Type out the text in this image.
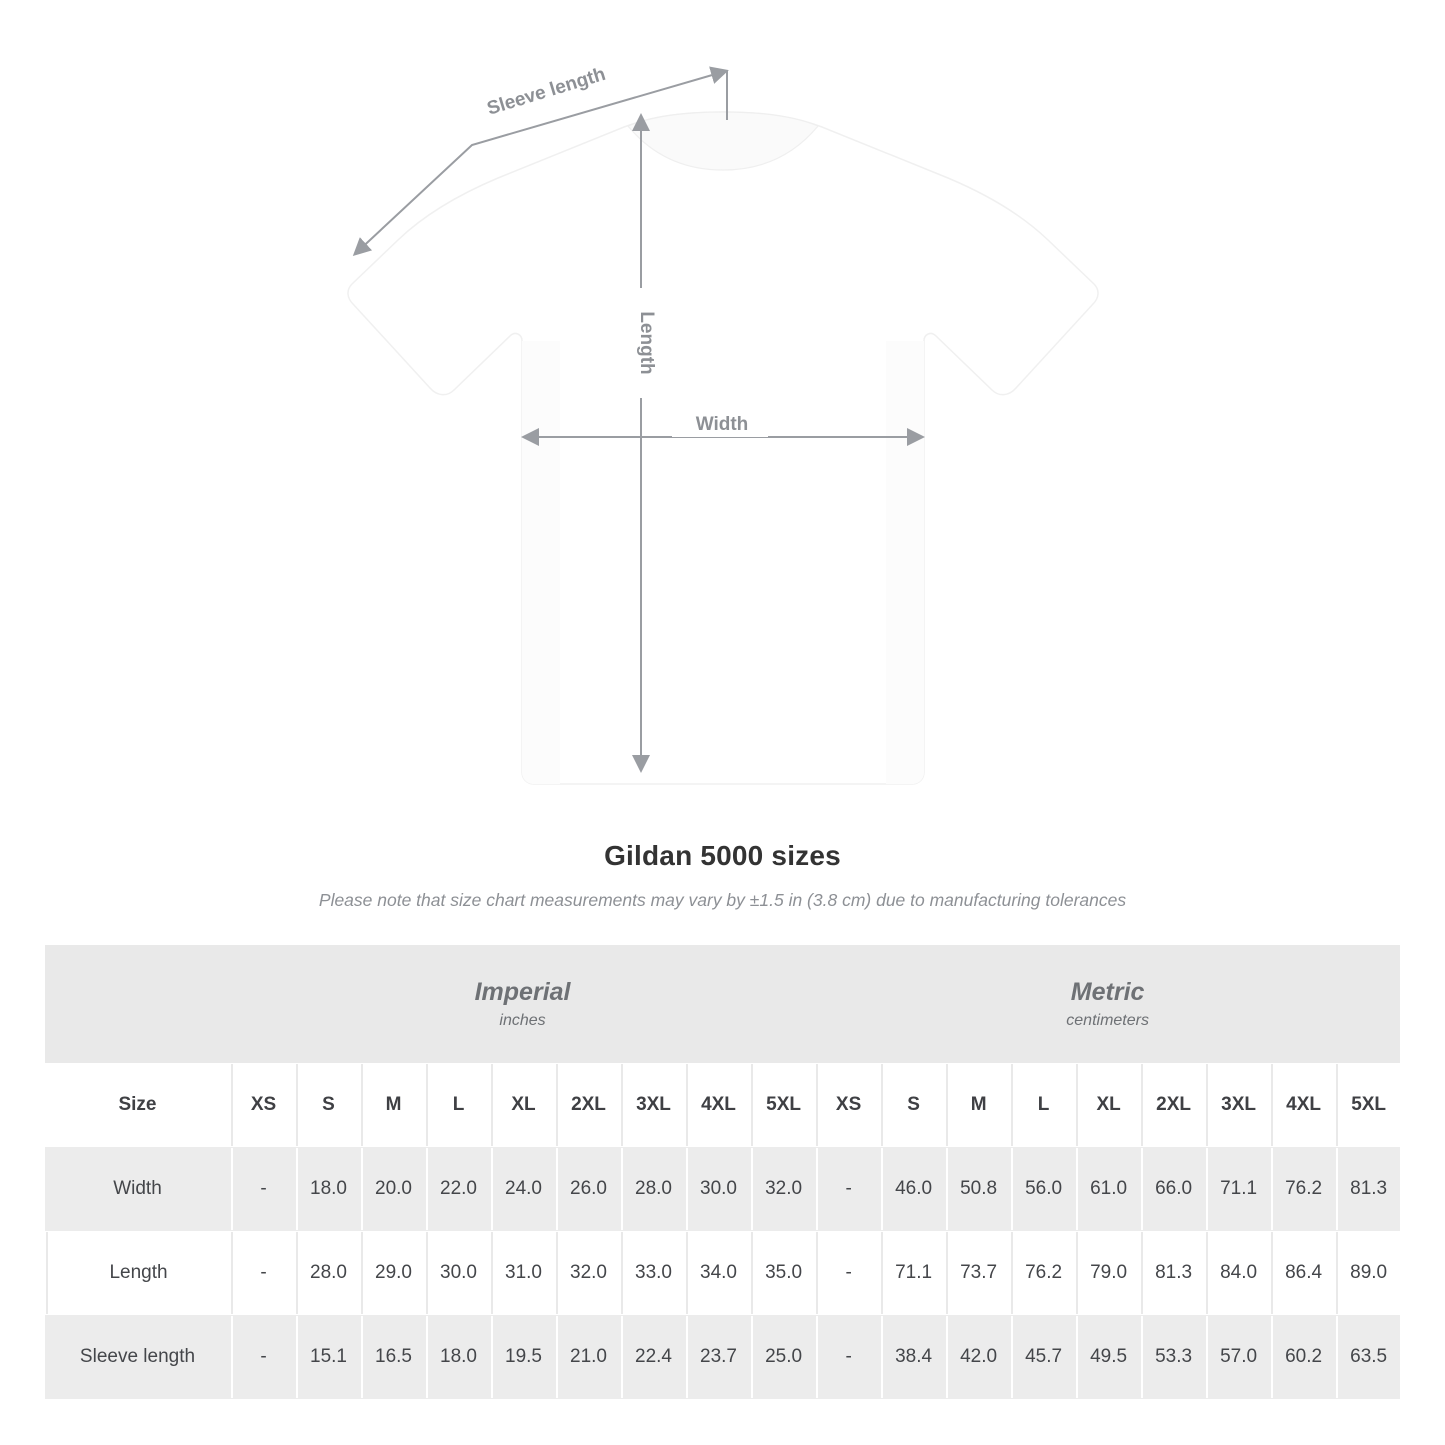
Sleeve length
Length
Width
Gildan 5000 sizes
Please note that size chart measurements may vary by ±1.5 in (3.8 cm) due to manufacturing tolerances

Imperial
inches

Metric
centimeters

Size	XS	S	M	L	XL	2XL	3XL	4XL	5XL	XS	S	M	L	XL	2XL	3XL	4XL	5XL

Width	-	18.0	20.0	22.0	24.0	26.0	28.0	30.0	32.0	-	46.0	50.8	56.0	61.0	66.0	71.1	76.2	81.3

Length	-	28.0	29.0	30.0	31.0	32.0	33.0	34.0	35.0	-	71.1	73.7	76.2	79.0	81.3	84.0	86.4	89.0

Sleeve length	-	15.1	16.5	18.0	19.5	21.0	22.4	23.7	25.0	-	38.4	42.0	45.7	49.5	53.3	57.0	60.2	63.5
